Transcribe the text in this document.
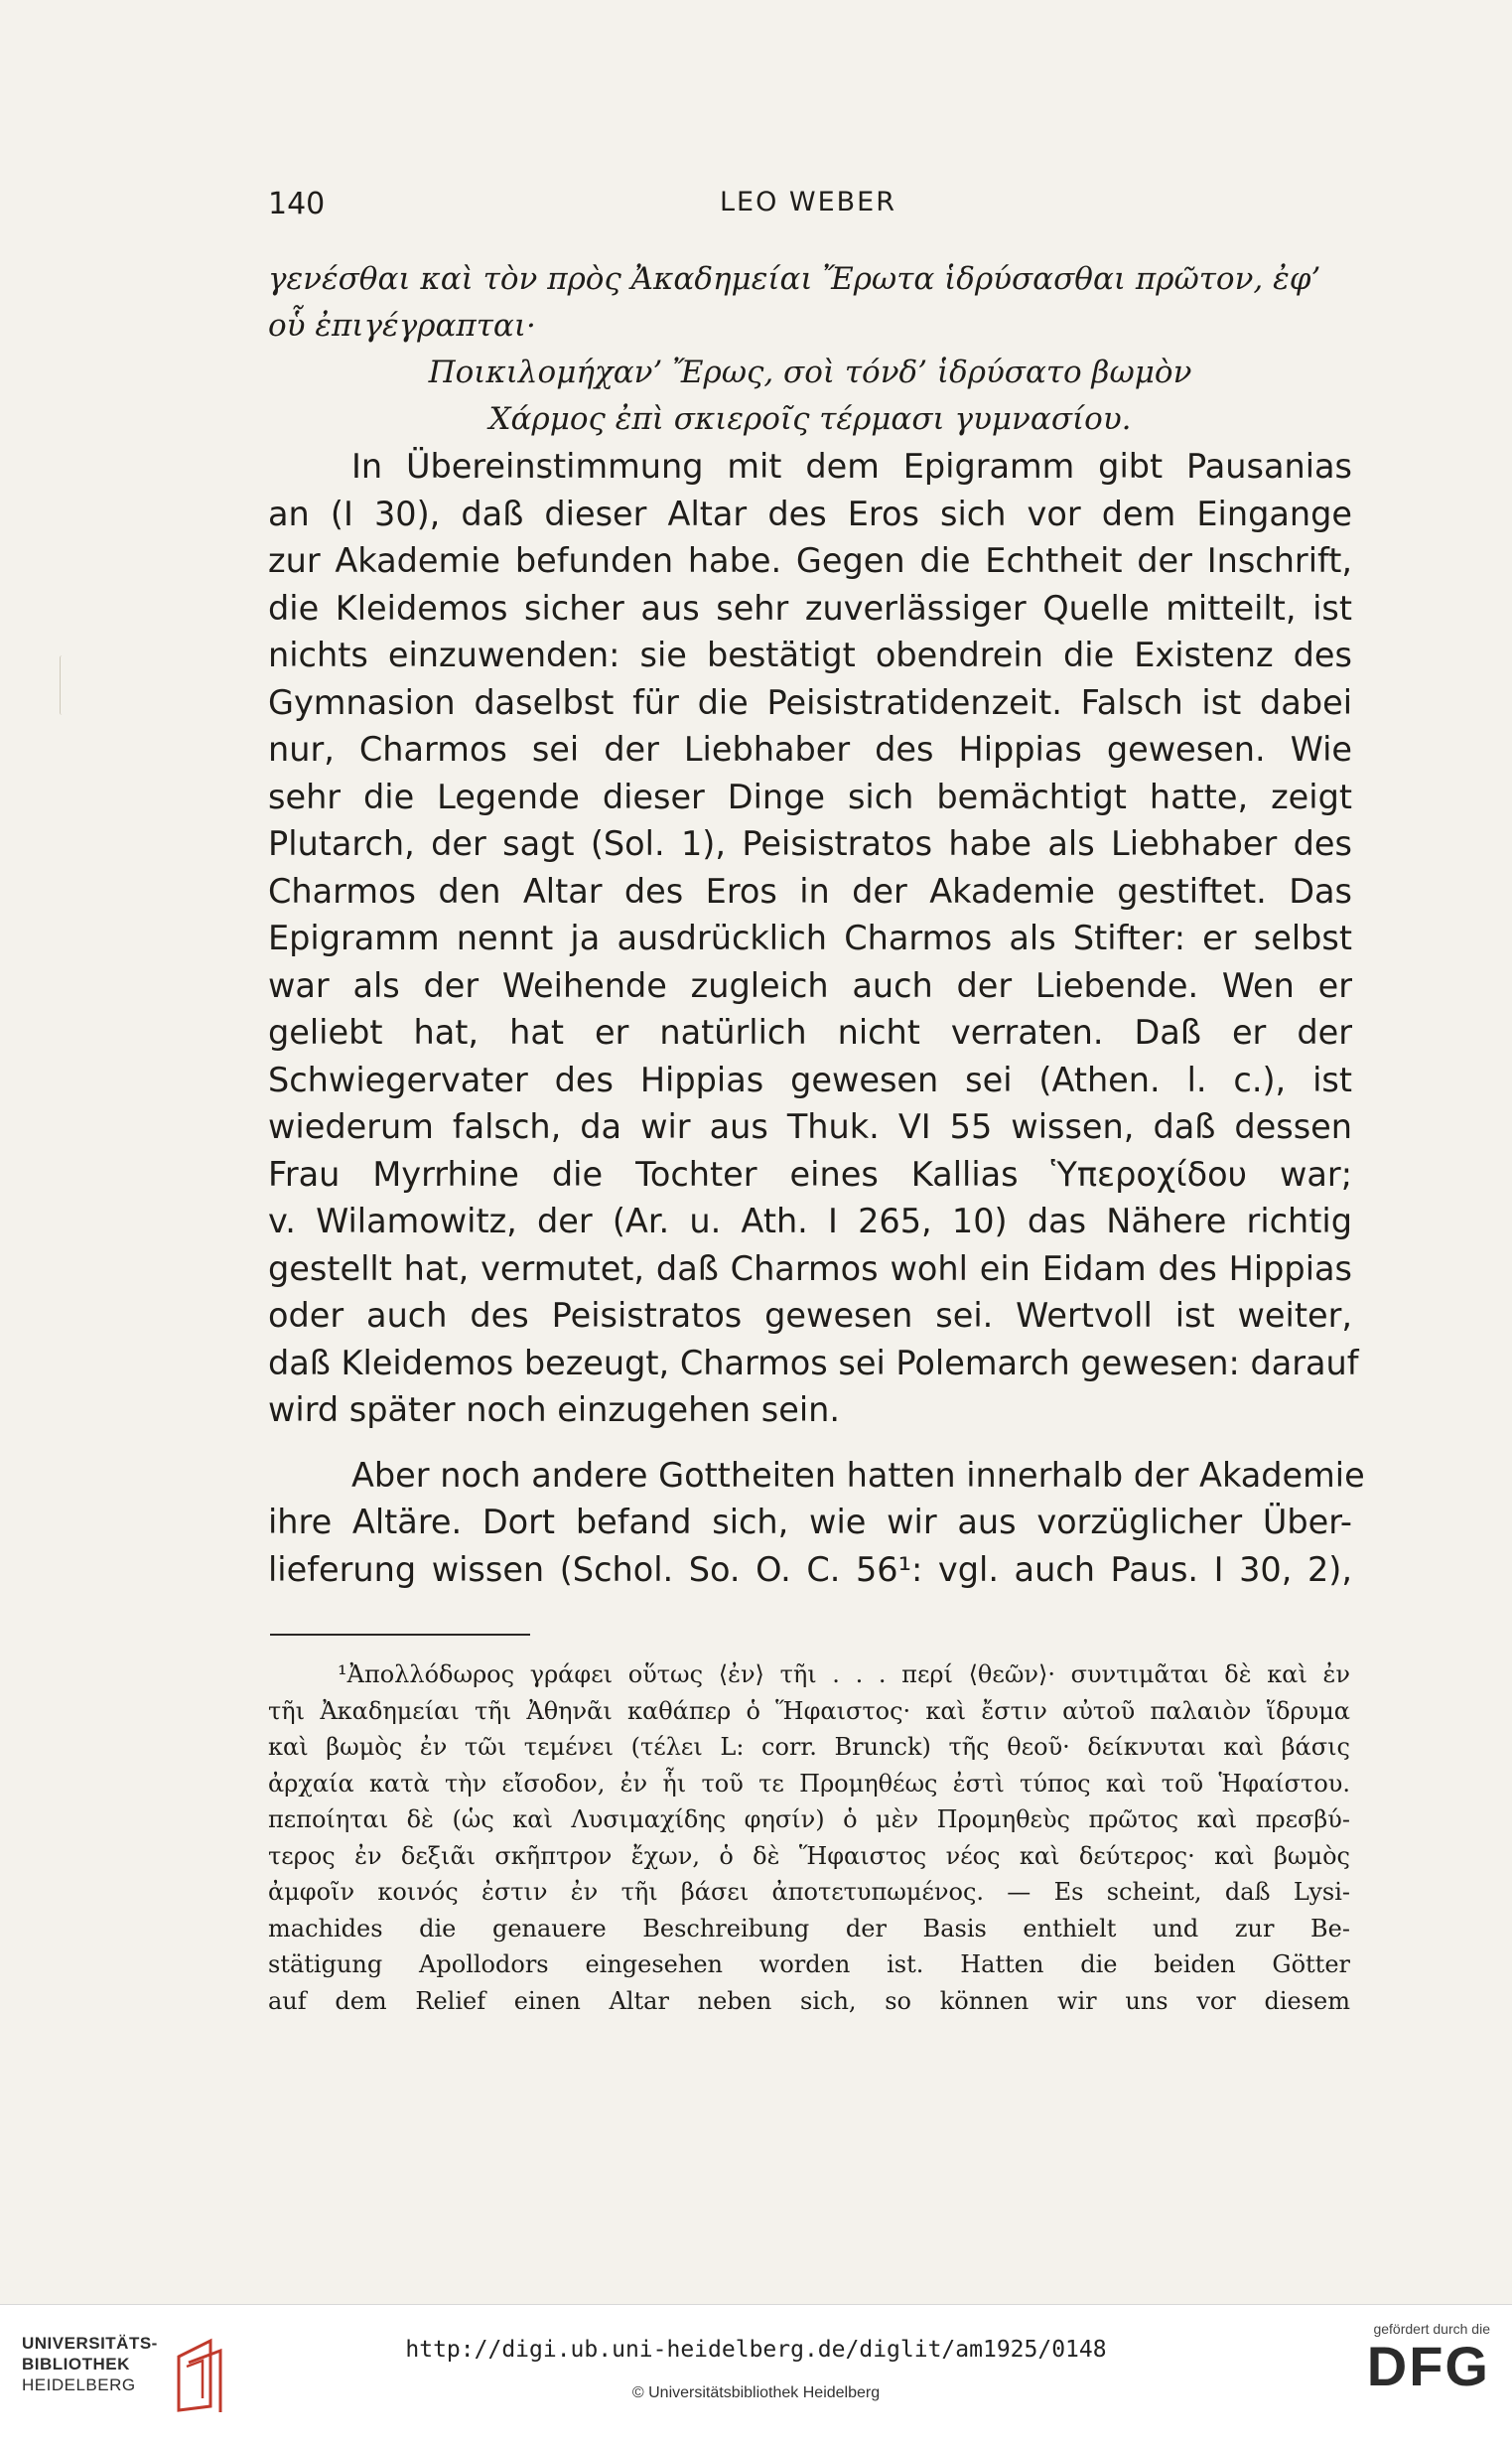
140	LEO WEBER
γενέσθαι καὶ τὸν πρὸς Ἀκαδημείαι Ἔρωτα ἱδρύσασθαι πρῶτον, ἐφ’
οὗ ἐπιγέγραπται·
Ποικιλομήχαν’ Ἔρως, σοὶ τόνδ’ ἱδρύσατο βωμὸν
Χάρμος ἐπὶ σκιεροῖς τέρμασι γυμνασίου.
In Übereinstimmung mit dem Epigramm gibt Pausanias
an (I 30), daß dieser Altar des Eros sich vor dem Eingange
zur Akademie befunden habe. Gegen die Echtheit der Inschrift,
die Kleidemos sicher aus sehr zuverlässiger Quelle mitteilt, ist
nichts einzuwenden: sie bestätigt obendrein die Existenz des
Gymnasion daselbst für die Peisistratidenzeit. Falsch ist dabei
nur, Charmos sei der Liebhaber des Hippias gewesen. Wie
sehr die Legende dieser Dinge sich bemächtigt hatte, zeigt
Plutarch, der sagt (Sol. 1), Peisistratos habe als Liebhaber des
Charmos den Altar des Eros in der Akademie gestiftet. Das
Epigramm nennt ja ausdrücklich Charmos als Stifter: er selbst
war als der Weihende zugleich auch der Liebende. Wen er
geliebt hat, hat er natürlich nicht verraten. Daß er der
Schwiegervater des Hippias gewesen sei (Athen. l. c.), ist
wiederum falsch, da wir aus Thuk. VI 55 wissen, daß dessen
Frau Myrrhine die Tochter eines Kallias Ὑπεροχίδου war;
v. Wilamowitz, der (Ar. u. Ath. I 265, 10) das Nähere richtig
gestellt hat, vermutet, daß Charmos wohl ein Eidam des Hippias
oder auch des Peisistratos gewesen sei. Wertvoll ist weiter,
daß Kleidemos bezeugt, Charmos sei Polemarch gewesen: darauf
wird später noch einzugehen sein.
Aber noch andere Gottheiten hatten innerhalb der Akademie
ihre Altäre. Dort befand sich, wie wir aus vorzüglicher Über-
lieferung wissen (Schol. So. O. C. 56¹: vgl. auch Paus. I 30, 2),
¹Ἀπολλόδωρος γράφει οὕτως ⟨ἐν⟩ τῆι . . . περί ⟨θεῶν⟩· συντιμᾶται δὲ καὶ ἐν
τῆι Ἀκαδημείαι τῆι Ἀθηνᾶι καθάπερ ὁ Ἥφαιστος· καὶ ἔστιν αὐτοῦ παλαιὸν ἵδρυμα
καὶ βωμὸς ἐν τῶι τεμένει (τέλει L: corr. Brunck) τῆς θεοῦ· δείκνυται καὶ βάσις
ἀρχαία κατὰ τὴν εἴσοδον, ἐν ἧι τοῦ τε Προμηθέως ἐστὶ τύπος καὶ τοῦ Ἡφαίστου.
πεποίηται δὲ (ὡς καὶ Λυσιμαχίδης φησίν) ὁ μὲν Προμηθεὺς πρῶτος καὶ πρεσβύ-
τερος ἐν δεξιᾶι σκῆπτρον ἔχων, ὁ δὲ Ἥφαιστος νέος καὶ δεύτερος· καὶ βωμὸς
ἀμφοῖν κοινός ἐστιν ἐν τῆι βάσει ἀποτετυπωμένος. — Es scheint, daß Lysi-
machides die genauere Beschreibung der Basis enthielt und zur Be-
stätigung Apollodors eingesehen worden ist. Hatten die beiden Götter
auf dem Relief einen Altar neben sich, so können wir uns vor diesem
UNIVERSITÄTS-
BIBLIOTHEK
HEIDELBERG
http://digi.ub.uni-heidelberg.de/diglit/am1925/0148
© Universitätsbibliothek Heidelberg
gefördert durch die
DFG
